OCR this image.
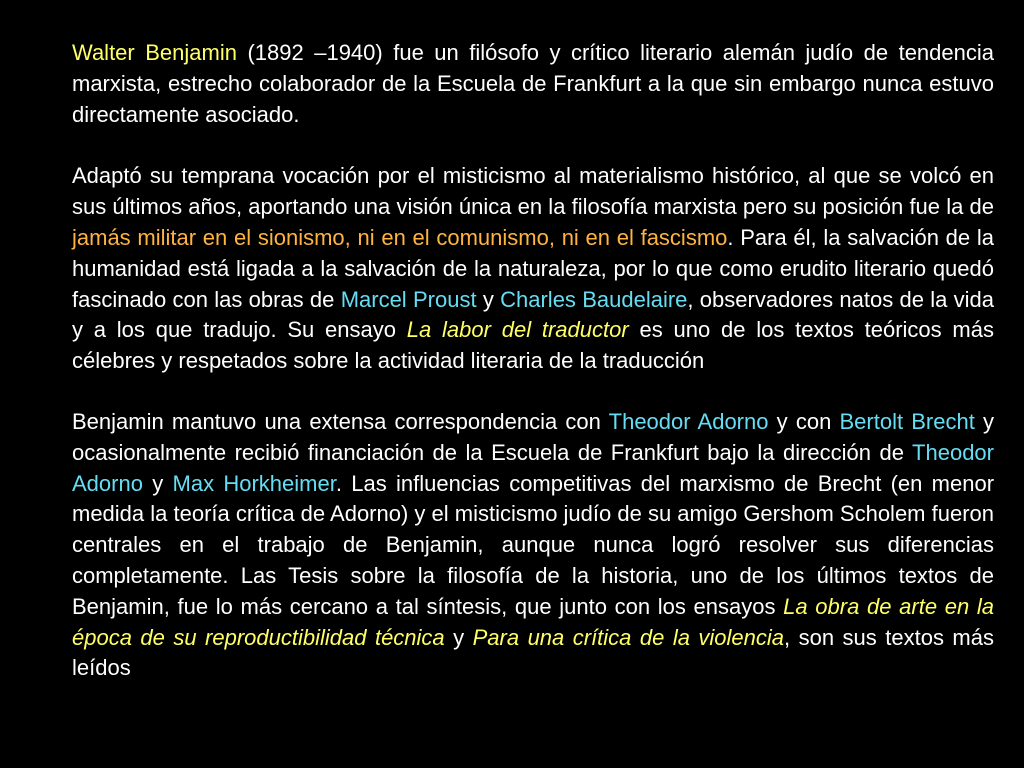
Walter Benjamin (1892 –1940) fue un filósofo y crítico literario alemán judío de tendencia marxista, estrecho colaborador de la Escuela de Frankfurt a la que sin embargo nunca estuvo directamente asociado.

Adaptó su temprana vocación por el misticismo al materialismo histórico, al que se volcó en sus últimos años, aportando una visión única en la filosofía marxista pero su posición fue la de jamás militar en el sionismo, ni en el comunismo, ni en el fascismo. Para él, la salvación de la humanidad está ligada a la salvación de la naturaleza, por lo que como erudito literario quedó fascinado con las obras de Marcel Proust y Charles Baudelaire, observadores natos de la vida y a los que tradujo. Su ensayo La labor del traductor es uno de los textos teóricos más célebres y respetados sobre la actividad literaria de la traducción

Benjamin mantuvo una extensa correspondencia con Theodor Adorno y con Bertolt Brecht y ocasionalmente recibió financiación de la Escuela de Frankfurt bajo la dirección de Theodor Adorno y Max Horkheimer. Las influencias competitivas del marxismo de Brecht (en menor medida la teoría crítica de Adorno) y el misticismo judío de su amigo Gershom Scholem fueron centrales en el trabajo de Benjamin, aunque nunca logró resolver sus diferencias completamente. Las Tesis sobre la filosofía de la historia, uno de los últimos textos de Benjamin, fue lo más cercano a tal síntesis, que junto con los ensayos La obra de arte en la época de su reproductibilidad técnica y Para una crítica de la violencia, son sus textos más leídos
